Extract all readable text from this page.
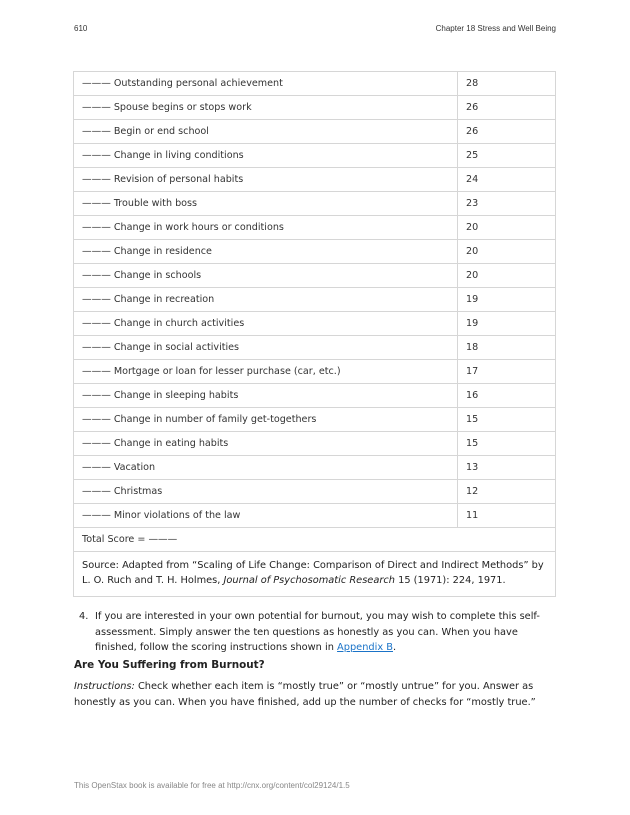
610	Chapter 18 Stress and Well Being
——— Outstanding personal achievement	28
——— Spouse begins or stops work	26
——— Begin or end school	26
——— Change in living conditions	25
——— Revision of personal habits	24
——— Trouble with boss	23
——— Change in work hours or conditions	20
——— Change in residence	20
——— Change in schools	20
——— Change in recreation	19
——— Change in church activities	19
——— Change in social activities	18
——— Mortgage or loan for lesser purchase (car, etc.)	17
——— Change in sleeping habits	16
——— Change in number of family get-togethers	15
——— Change in eating habits	15
——— Vacation	13
——— Christmas	12
——— Minor violations of the law	11
Total Score = ———	
Source: Adapted from “Scaling of Life Change: Comparison of Direct and Indirect Methods” by L. O. Ruch and T. H. Holmes, Journal of Psychosomatic Research 15 (1971): 224, 1971.	
4. If you are interested in your own potential for burnout, you may wish to complete this self-assessment. Simply answer the ten questions as honestly as you can. When you have finished, follow the scoring instructions shown in Appendix B.
Are You Suffering from Burnout?
Instructions: Check whether each item is “mostly true” or “mostly untrue” for you. Answer as honestly as you can. When you have finished, add up the number of checks for “mostly true.”
This OpenStax book is available for free at http://cnx.org/content/col29124/1.5
